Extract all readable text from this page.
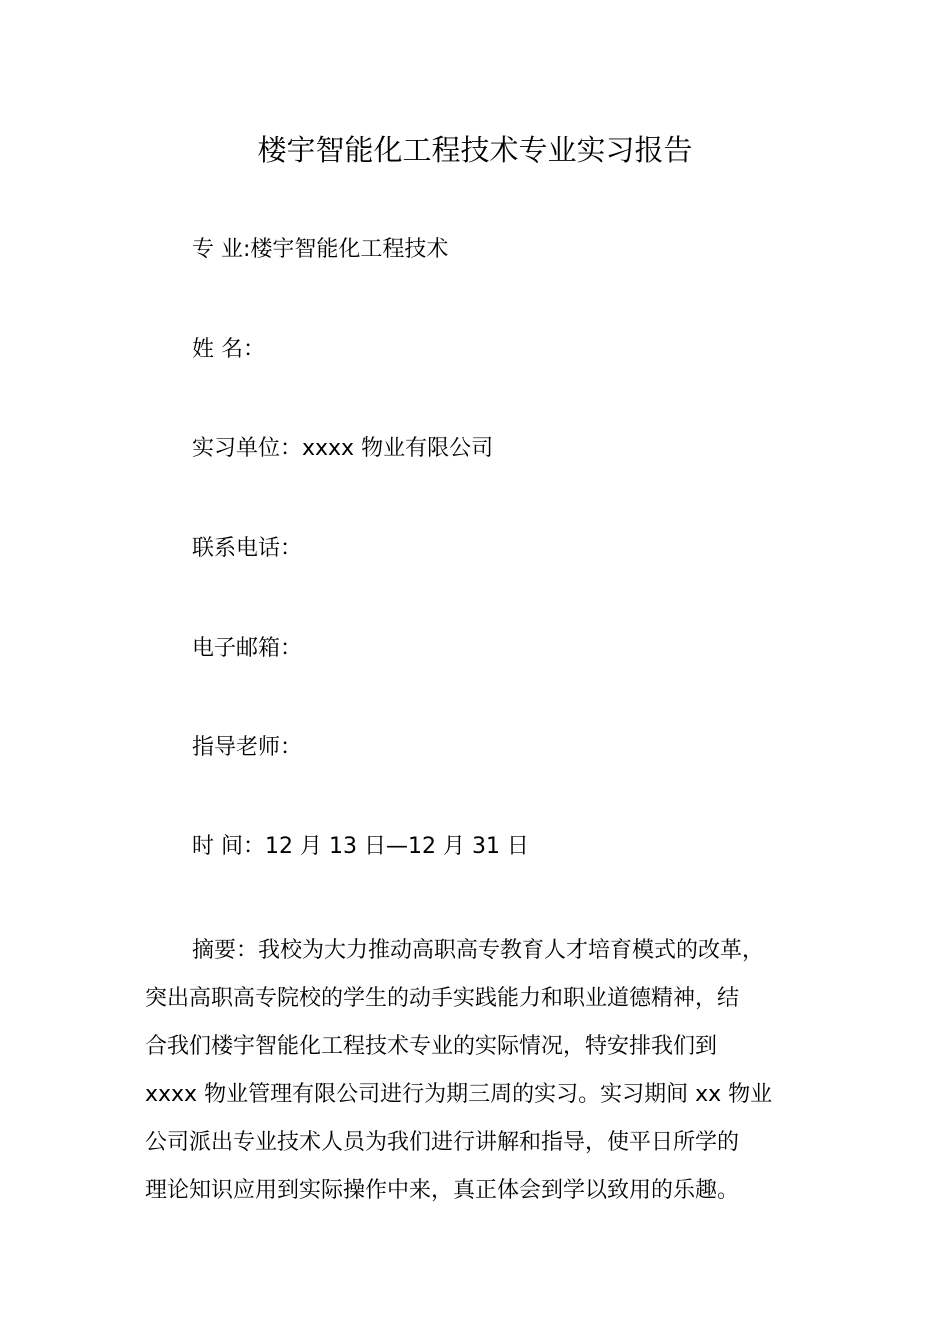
楼宇智能化工程技术专业实习报告
专 业:楼宇智能化工程技术
姓 名：
实习单位：xxxx 物业有限公司
联系电话：
电子邮箱：
指导老师：
时 间：12 月 13 日—12 月 31 日
摘要：我校为大力推动高职高专教育人才培育模式的改革，
突出高职高专院校的学生的动手实践能力和职业道德精神，结
合我们楼宇智能化工程技术专业的实际情况，特安排我们到
xxxx 物业管理有限公司进行为期三周的实习。实习期间 xx 物业
公司派出专业技术人员为我们进行讲解和指导，使平日所学的
理论知识应用到实际操作中来，真正体会到学以致用的乐趣。
